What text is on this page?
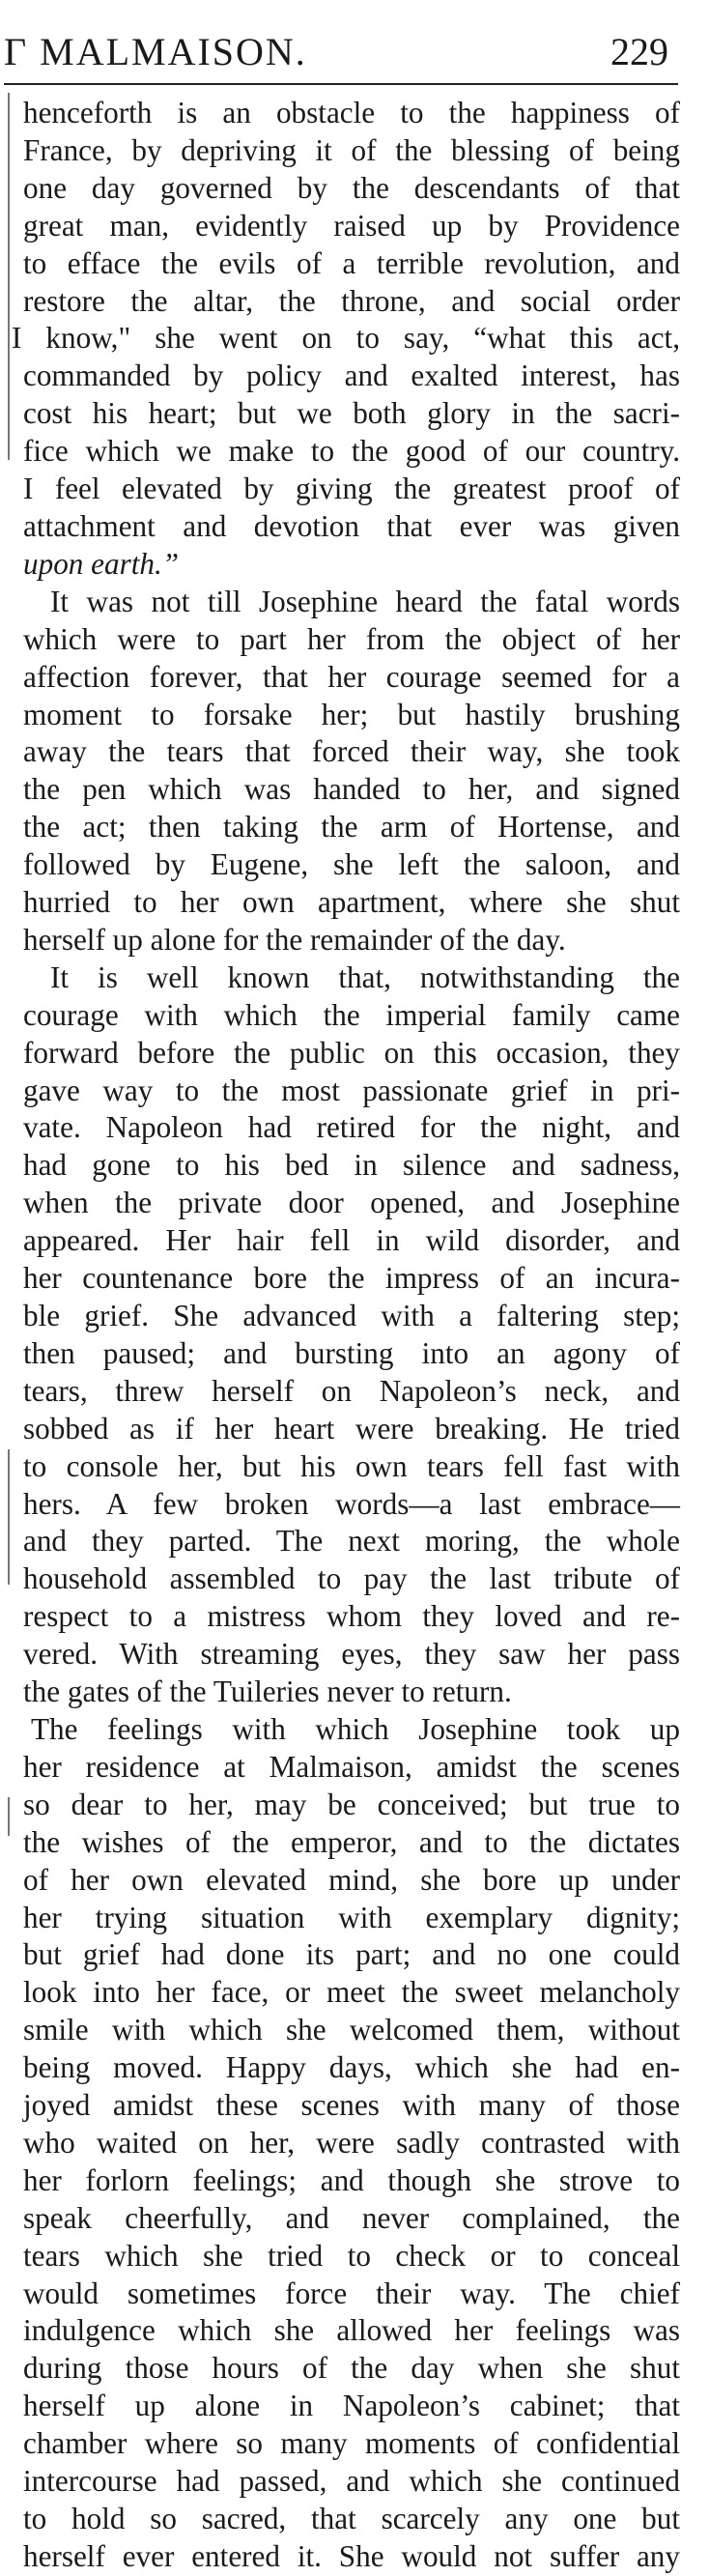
Γ MALMAISON.	229
henceforth is an obstacle to the happiness of
France, by depriving it of the blessing of being
one day governed by the descendants of that
great man, evidently raised up by Providence
to efface the evils of a terrible revolution, and
restore the altar, the throne, and social order
I know," she went on to say, “what this act,
commanded by policy and exalted interest, has
cost his heart; but we both glory in the sacri-
fice which we make to the good of our country.
I feel elevated by giving the greatest proof of
attachment and devotion that ever was given
upon earth.”
It was not till Josephine heard the fatal words
which were to part her from the object of her
affection forever, that her courage seemed for a
moment to forsake her; but hastily brushing
away the tears that forced their way, she took
the pen which was handed to her, and signed
the act; then taking the arm of Hortense, and
followed by Eugene, she left the saloon, and
hurried to her own apartment, where she shut
herself up alone for the remainder of the day.
It is well known that, notwithstanding the
courage with which the imperial family came
forward before the public on this occasion, they
gave way to the most passionate grief in pri-
vate. Napoleon had retired for the night, and
had gone to his bed in silence and sadness,
when the private door opened, and Josephine
appeared. Her hair fell in wild disorder, and
her countenance bore the impress of an incura-
ble grief. She advanced with a faltering step;
then paused; and bursting into an agony of
tears, threw herself on Napoleon’s neck, and
sobbed as if her heart were breaking. He tried
to console her, but his own tears fell fast with
hers. A few broken words—a last embrace—
and they parted. The next moring, the whole
household assembled to pay the last tribute of
respect to a mistress whom they loved and re-
vered. With streaming eyes, they saw her pass
the gates of the Tuileries never to return.
The feelings with which Josephine took up
her residence at Malmaison, amidst the scenes
so dear to her, may be conceived; but true to
the wishes of the emperor, and to the dictates
of her own elevated mind, she bore up under
her trying situation with exemplary dignity;
but grief had done its part; and no one could
look into her face, or meet the sweet melancholy
smile with which she welcomed them, without
being moved. Happy days, which she had en-
joyed amidst these scenes with many of those
who waited on her, were sadly contrasted with
her forlorn feelings; and though she strove to
speak cheerfully, and never complained, the
tears which she tried to check or to conceal
would sometimes force their way. The chief
indulgence which she allowed her feelings was
during those hours of the day when she shut
herself up alone in Napoleon’s cabinet; that
chamber where so many moments of confidential
intercourse had passed, and which she continued
to hold so sacred, that scarcely any one but
herself ever entered it. She would not suffer any
